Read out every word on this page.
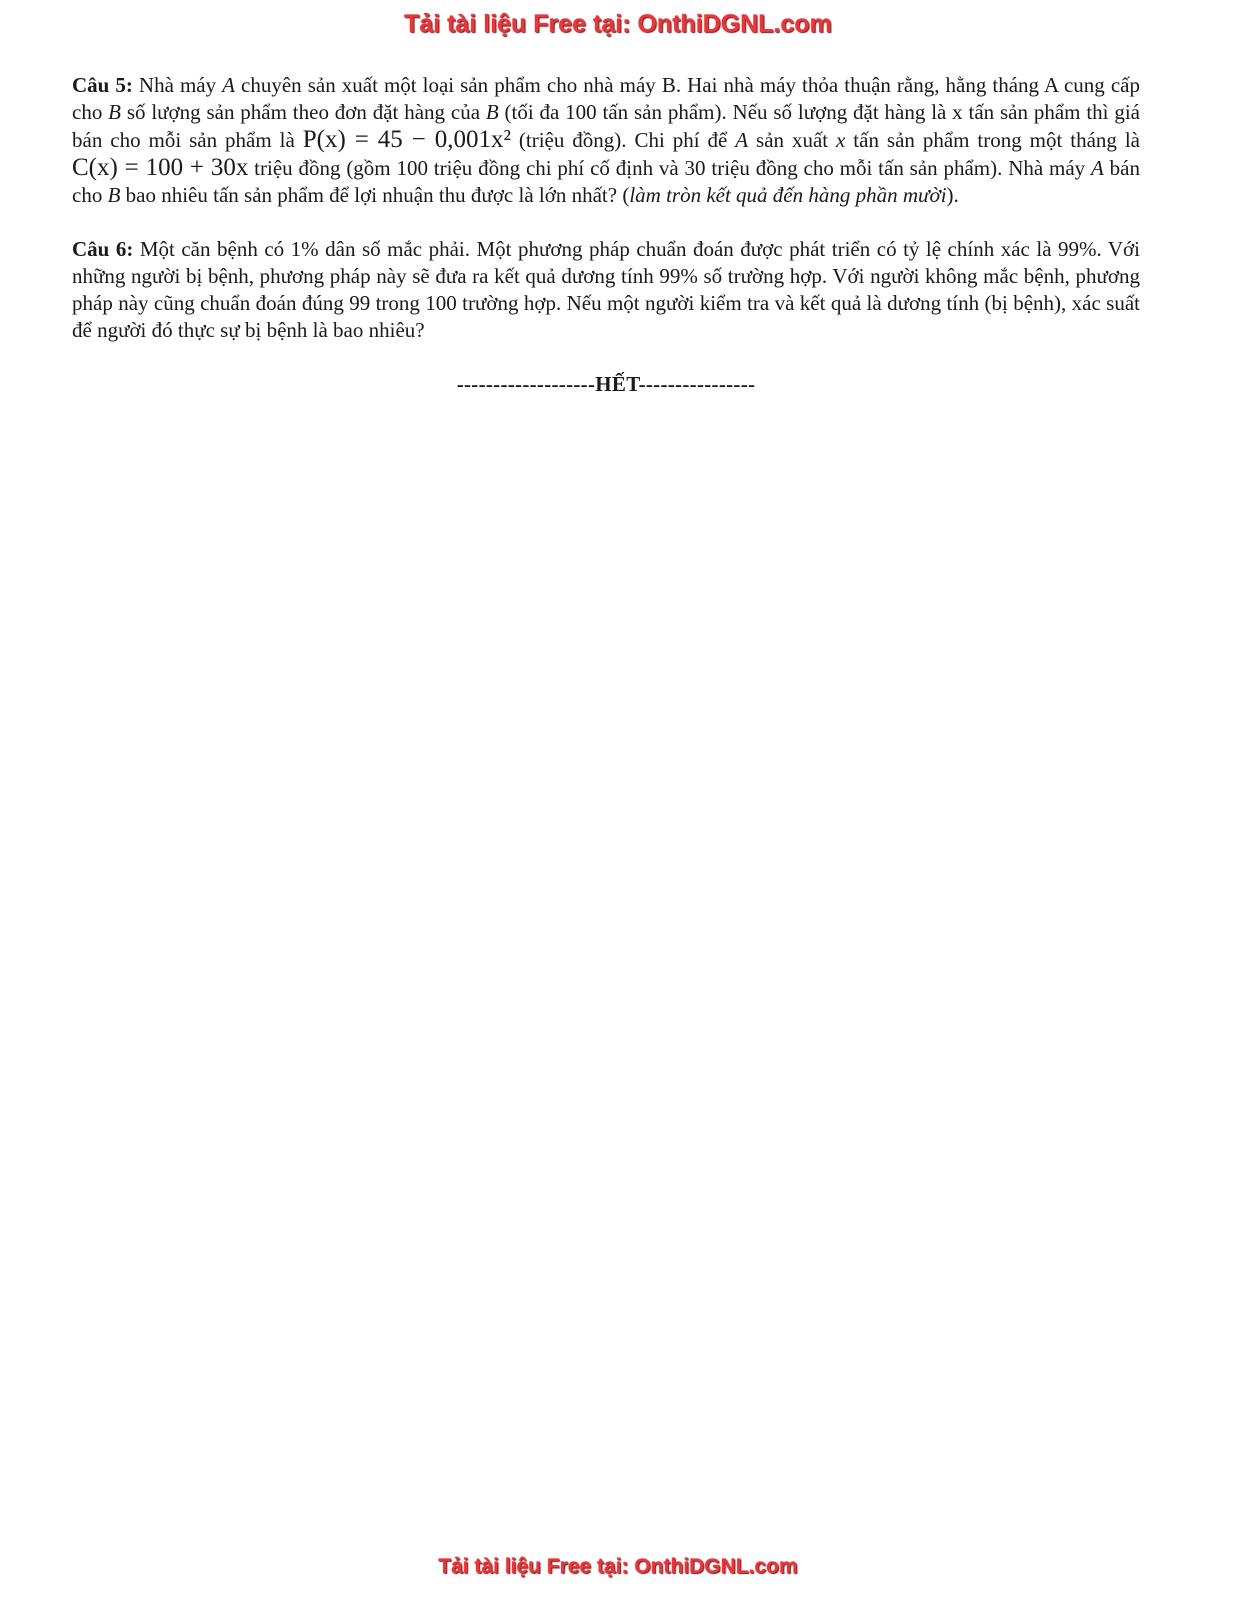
Tải tài liệu Free tại: OnthiDGNL.com

Câu 5: Nhà máy A chuyên sản xuất một loại sản phẩm cho nhà máy B. Hai nhà máy thỏa thuận rằng, hằng tháng A cung cấp cho B số lượng sản phẩm theo đơn đặt hàng của B (tối đa 100 tấn sản phẩm). Nếu số lượng đặt hàng là x tấn sản phẩm thì giá bán cho mỗi sản phẩm là P(x) = 45 − 0,001x² (triệu đồng). Chi phí để A sản xuất x tấn sản phẩm trong một tháng là C(x) = 100 + 30x triệu đồng (gồm 100 triệu đồng chi phí cố định và 30 triệu đồng cho mỗi tấn sản phẩm). Nhà máy A bán cho B bao nhiêu tấn sản phẩm để lợi nhuận thu được là lớn nhất? (làm tròn kết quả đến hàng phần mười).

Câu 6: Một căn bệnh có 1% dân số mắc phải. Một phương pháp chuẩn đoán được phát triển có tỷ lệ chính xác là 99%. Với những người bị bệnh, phương pháp này sẽ đưa ra kết quả dương tính 99% số trường hợp. Với người không mắc bệnh, phương pháp này cũng chuẩn đoán đúng 99 trong 100 trường hợp. Nếu một người kiểm tra và kết quả là dương tính (bị bệnh), xác suất để người đó thực sự bị bệnh là bao nhiêu?

-------------------HẾT----------------
Tải tài liệu Free tại: OnthiDGNL.com
